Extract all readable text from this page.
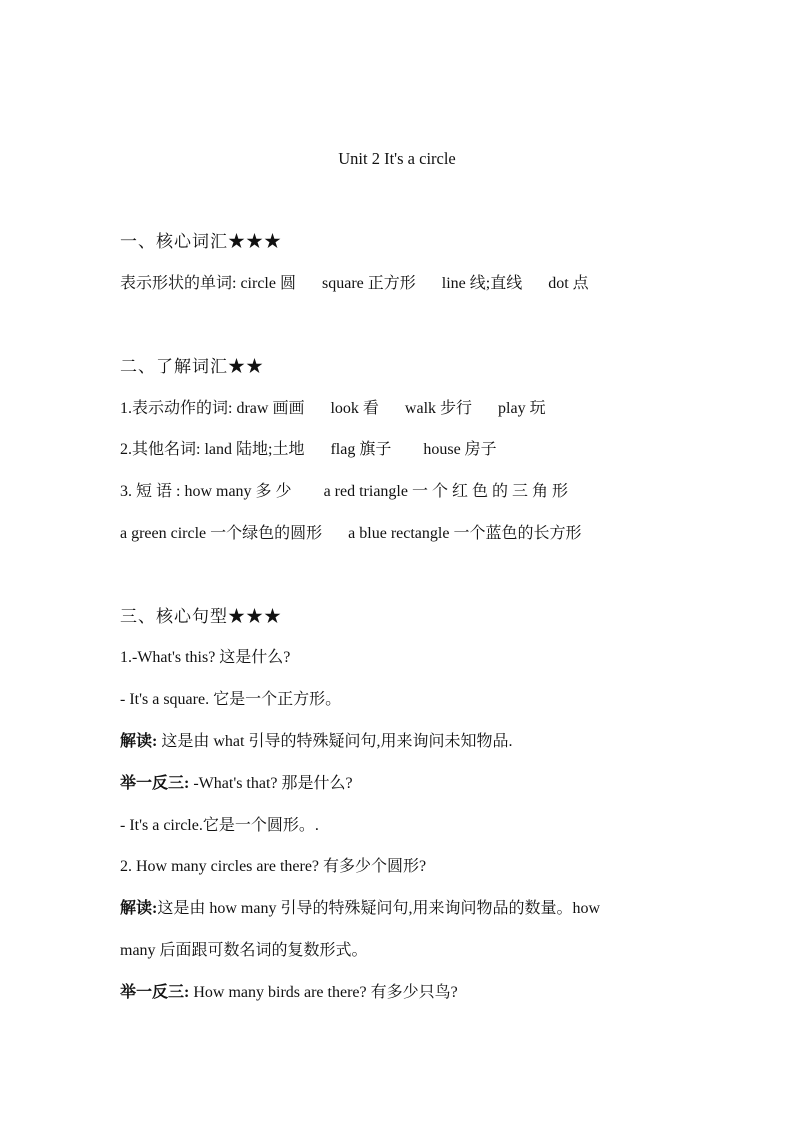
Unit 2 It's a circle
一、核心词汇★★★
表示形状的单词: circle 圆 square 正方形 line 线;直线 dot 点
二、了解词汇★★
1.表示动作的词: draw 画画 look 看 walk 步行 play 玩
2.其他名词: land 陆地;土地 flag 旗子 house 房子
3. 短 语 : how many 多 少 a red triangle 一 个 红 色 的 三 角 形
a green circle 一个绿色的圆形 a blue rectangle 一个蓝色的长方形
三、核心句型★★★
1.-What's this? 这是什么?
- It's a square. 它是一个正方形。
解读: 这是由 what 引导的特殊疑问句,用来询问未知物品.
举一反三: -What's that? 那是什么?
- It's a circle.它是一个圆形。.
2. How many circles are there? 有多少个圆形?
解读:这是由 how many 引导的特殊疑问句,用来询问物品的数量。how
many 后面跟可数名词的复数形式。
举一反三: How many birds are there? 有多少只鸟?
